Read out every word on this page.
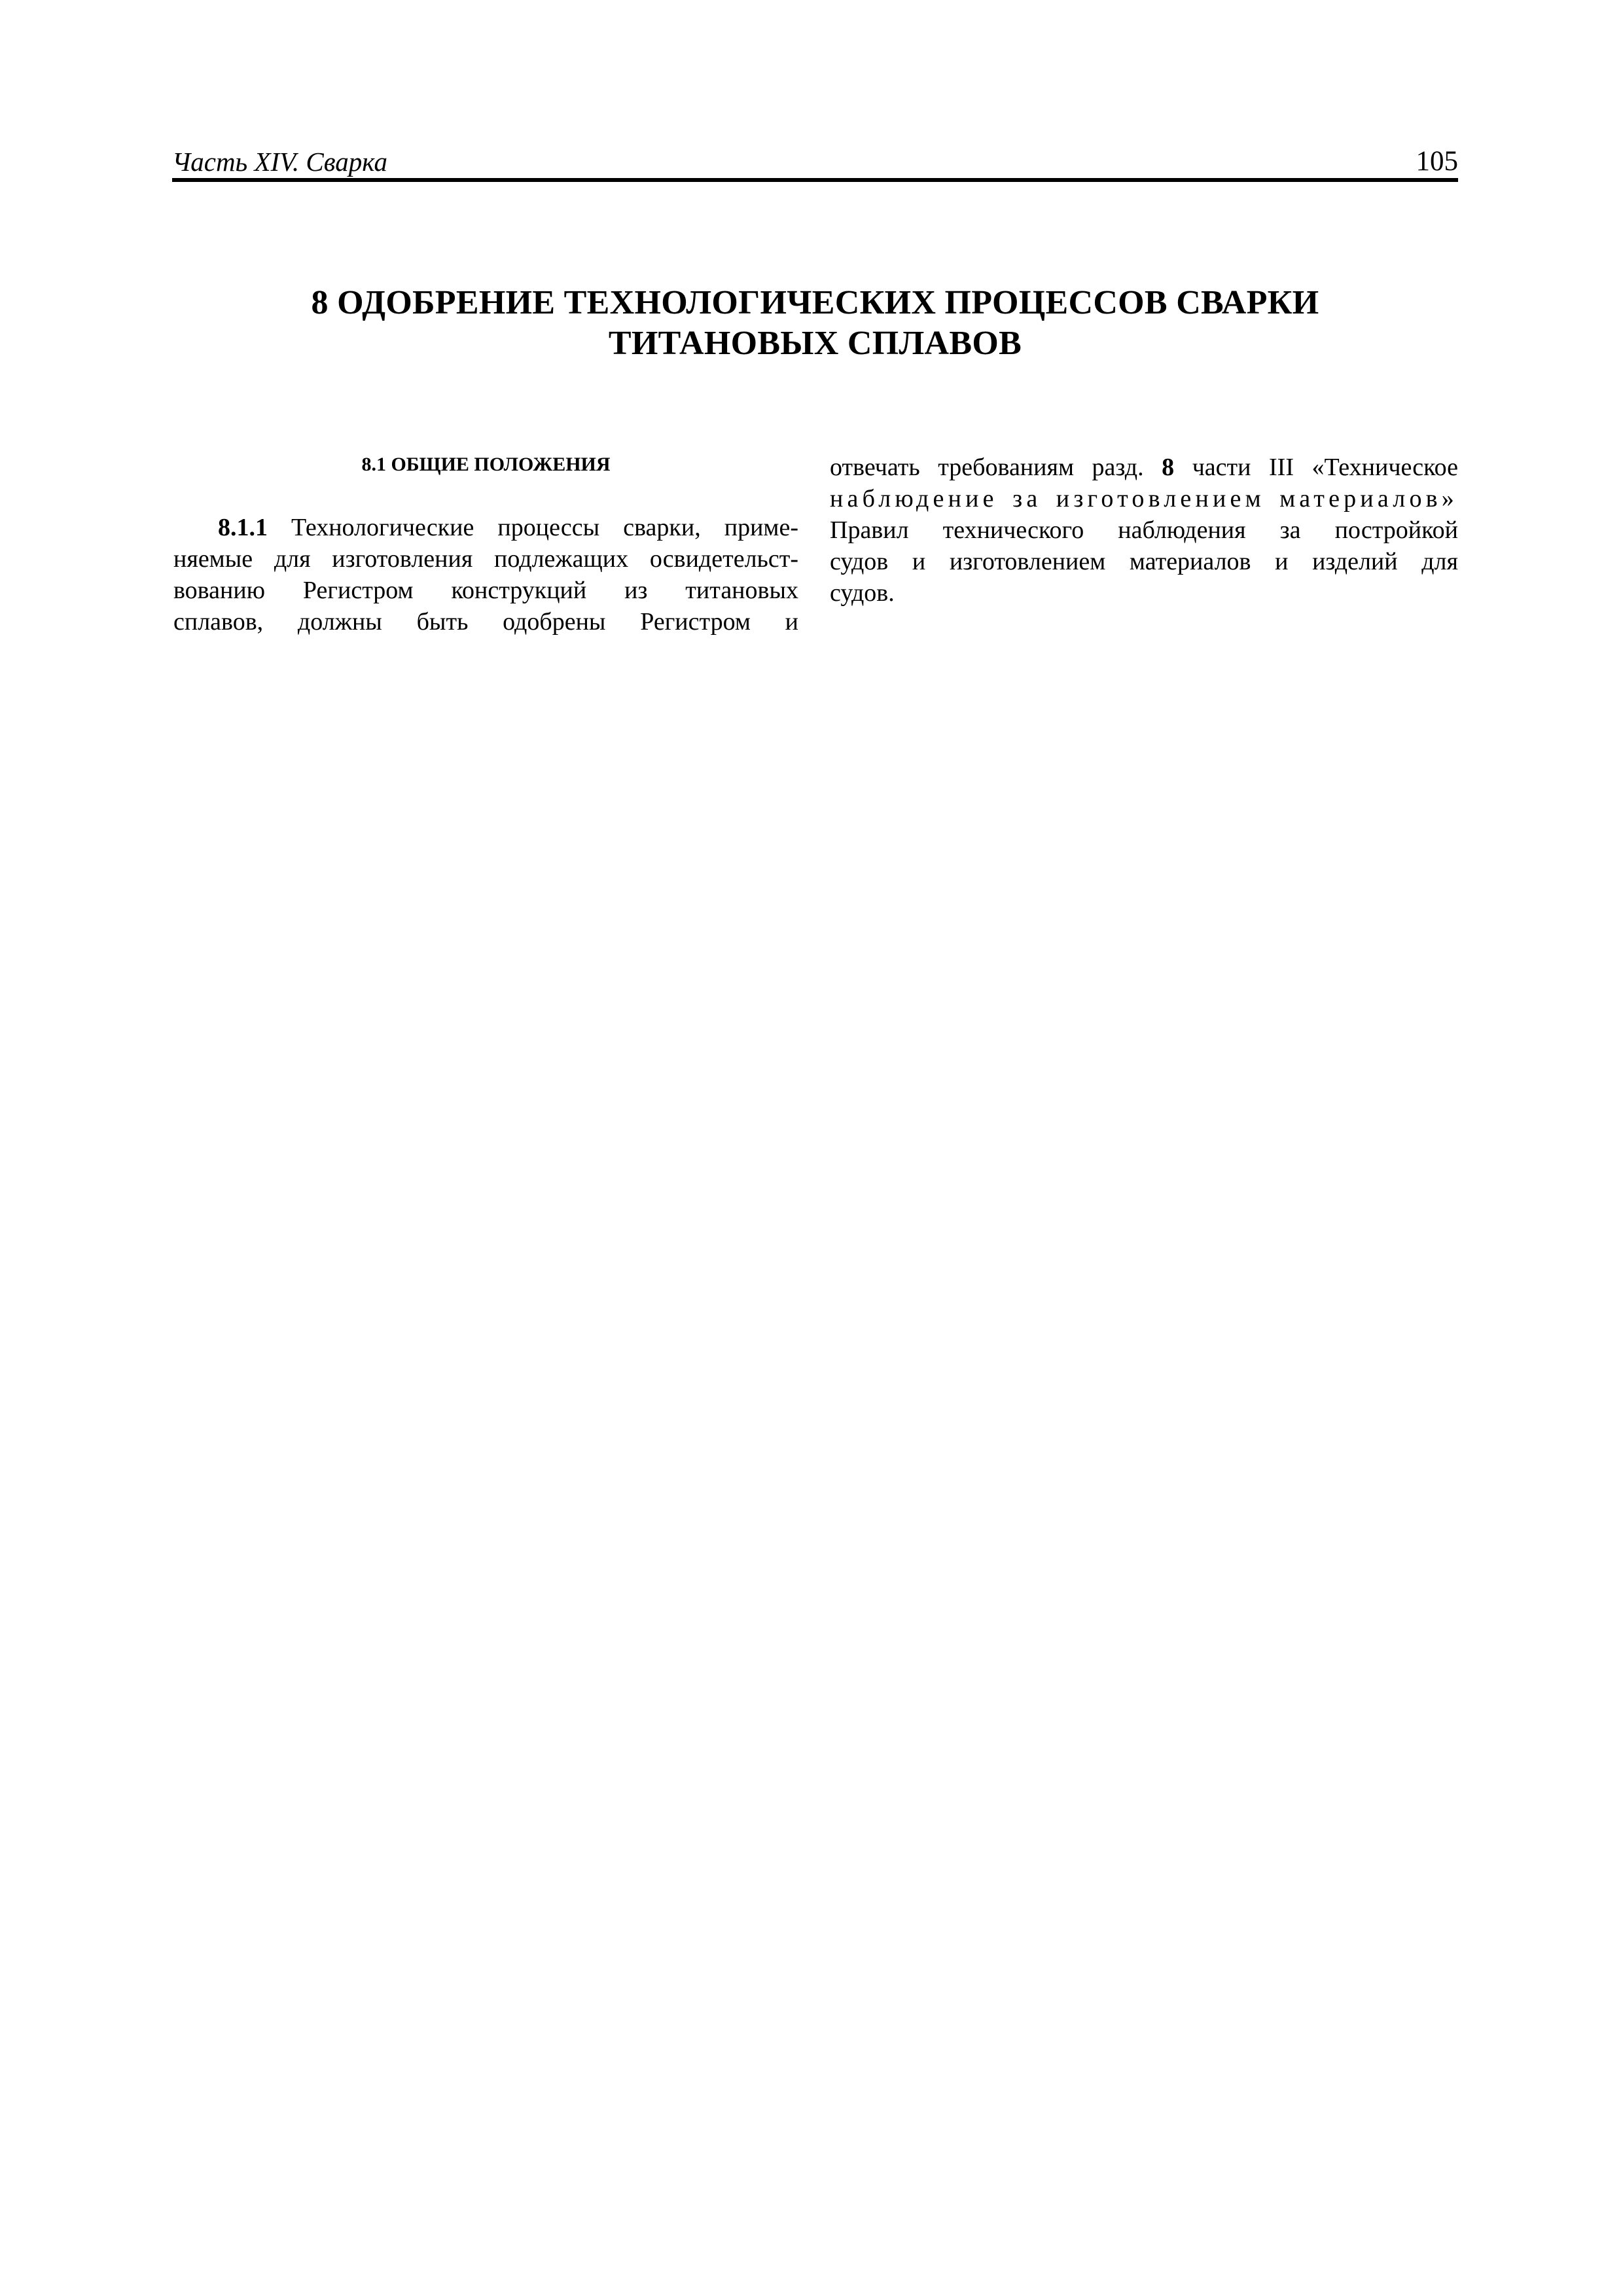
Часть XIV. Сварка	105
8 ОДОБРЕНИЕ ТЕХНОЛОГИЧЕСКИХ ПРОЦЕССОВ СВАРКИ
ТИТАНОВЫХ СПЛАВОВ
8.1 ОБЩИЕ ПОЛОЖЕНИЯ

8.1.1 Технологические процессы сварки, приме-
няемые для изготовления подлежащих освидетельст-
вованию Регистром конструкций из титановых
сплавов, должны быть одобрены Регистром и

отвечать требованиям разд. 8 части III «Техническое
наблюдение за изготовлением материалов»
Правил технического наблюдения за постройкой
судов и изготовлением материалов и изделий для
судов.
